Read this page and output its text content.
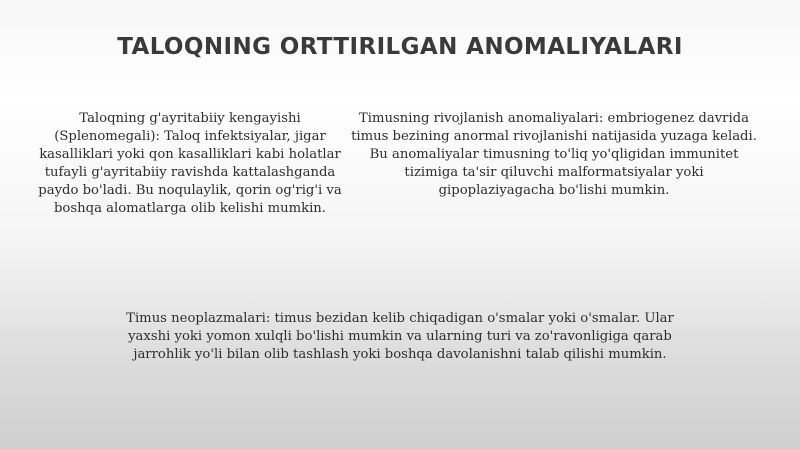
TALOQNING ORTTIRILGAN ANOMALIYALARI

Taloqning g'ayritabiiy kengayishi (Splenomegali): Taloq infektsiyalar, jigar kasalliklari yoki qon kasalliklari kabi holatlar tufayli g'ayritabiiy ravishda kattalashganda paydo bo'ladi. Bu noqulaylik, qorin og'rig'i va boshqa alomatlarga olib kelishi mumkin.

Timusning rivojlanish anomaliyalari: embriogenez davrida timus bezining anormal rivojlanishi natijasida yuzaga keladi. Bu anomaliyalar timusning to'liq yo'qligidan immunitet tizimiga ta'sir qiluvchi malformatsiyalar yoki gipoplaziyagacha bo'lishi mumkin.

Timus neoplazmalari: timus bezidan kelib chiqadigan o'smalar yoki o'smalar. Ular yaxshi yoki yomon xulqli bo'lishi mumkin va ularning turi va zo'ravonligiga qarab jarrohlik yo'li bilan olib tashlash yoki boshqa davolanishni talab qilishi mumkin.
